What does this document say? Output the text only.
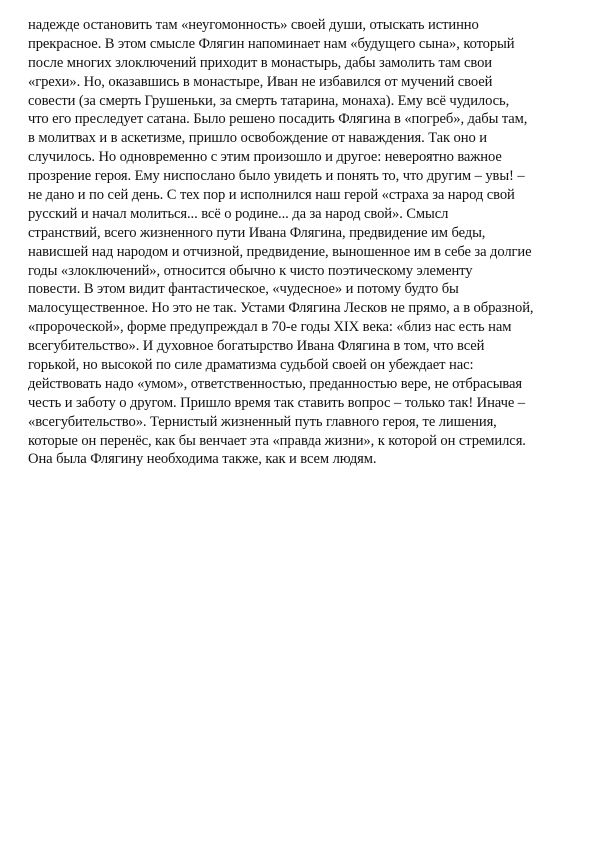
надежде остановить там «неугомонность» своей души, отыскать истинно
прекрасное. В этом смысле Флягин напоминает нам «будущего сына», который
после многих злоключений приходит в монастырь, дабы замолить там свои
«грехи». Но, оказавшись в монастыре, Иван не избавился от мучений своей
совести (за смерть Грушеньки, за смерть татарина, монаха). Ему всё чудилось,
что его преследует сатана. Было решено посадить Флягина в «погреб», дабы там,
в молитвах и в аскетизме, пришло освобождение от наваждения. Так оно и
случилось. Но одновременно с этим произошло и другое: невероятно важное
прозрение героя. Ему ниспослано было увидеть и понять то, что другим – увы! –
не дано и по сей день. С тех пор и исполнился наш герой «страха за народ свой
русский и начал молиться... всё о родине... да за народ свой». Смысл
странствий, всего жизненного пути Ивана Флягина, предвидение им беды,
нависшей над народом и отчизной, предвидение, выношенное им в себе за долгие
годы «злоключений», относится обычно к чисто поэтическому элементу
повести. В этом видит фантастическое, «чудесное» и потому будто бы
малосущественное. Но это не так. Устами Флягина Лесков не прямо, а в образной,
«пророческой», форме предупреждал в 70-е годы XIX века: «близ нас есть нам
всегубительство». И духовное богатырство Ивана Флягина в том, что всей
горькой, но высокой по силе драматизма судьбой своей он убеждает нас:
действовать надо «умом», ответственностью, преданностью вере, не отбрасывая
честь и заботу о другом. Пришло время так ставить вопрос – только так! Иначе –
«всегубительство». Тернистый жизненный путь главного героя, те лишения,
которые он перенёс, как бы венчает эта «правда жизни», к которой он стремился.
Она была Флягину необходима также, как и всем людям.
